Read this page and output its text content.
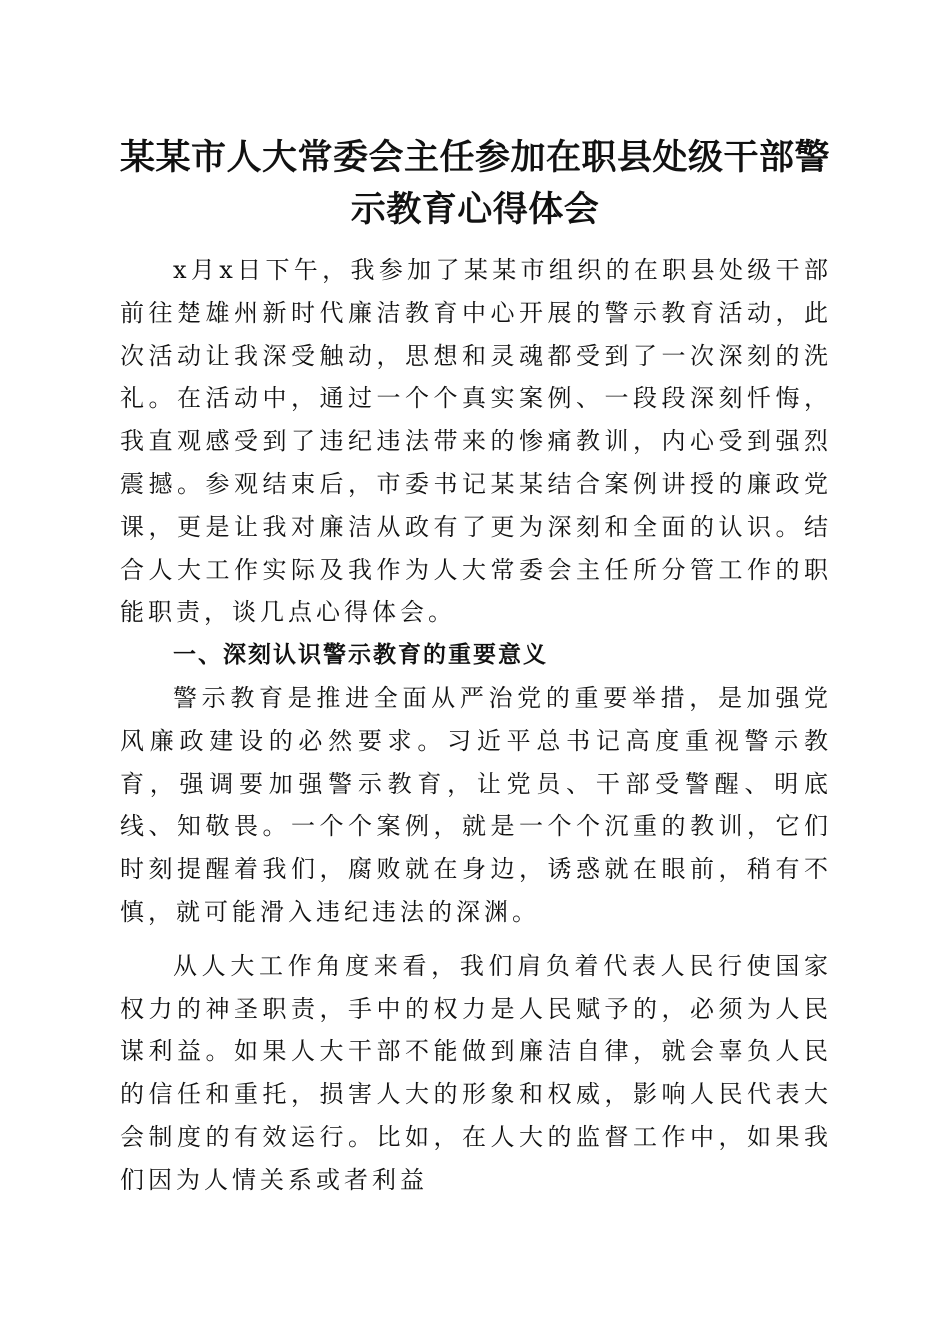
某某市人大常委会主任参加在职县处级干部警
示教育心得体会

x月x日下午，我参加了某某市组织的在职县处级干部前往楚雄州新时代廉洁教育中心开展的警示教育活动，此次活动让我深受触动，思想和灵魂都受到了一次深刻的洗礼。在活动中，通过一个个真实案例、一段段深刻忏悔，我直观感受到了违纪违法带来的惨痛教训，内心受到强烈震撼。参观结束后，市委书记某某结合案例讲授的廉政党课，更是让我对廉洁从政有了更为深刻和全面的认识。结合人大工作实际及我作为人大常委会主任所分管工作的职能职责，谈几点心得体会。

一、深刻认识警示教育的重要意义

警示教育是推进全面从严治党的重要举措，是加强党风廉政建设的必然要求。习近平总书记高度重视警示教育，强调要加强警示教育，让党员、干部受警醒、明底线、知敬畏。一个个案例，就是一个个沉重的教训，它们时刻提醒着我们，腐败就在身边，诱惑就在眼前，稍有不慎，就可能滑入违纪违法的深渊。

从人大工作角度来看，我们肩负着代表人民行使国家权力的神圣职责，手中的权力是人民赋予的，必须为人民谋利益。如果人大干部不能做到廉洁自律，就会辜负人民的信任和重托，损害人大的形象和权威，影响人民代表大会制度的有效运行。比如，在人大的监督工作中，如果我们因为人情关系或者利益
